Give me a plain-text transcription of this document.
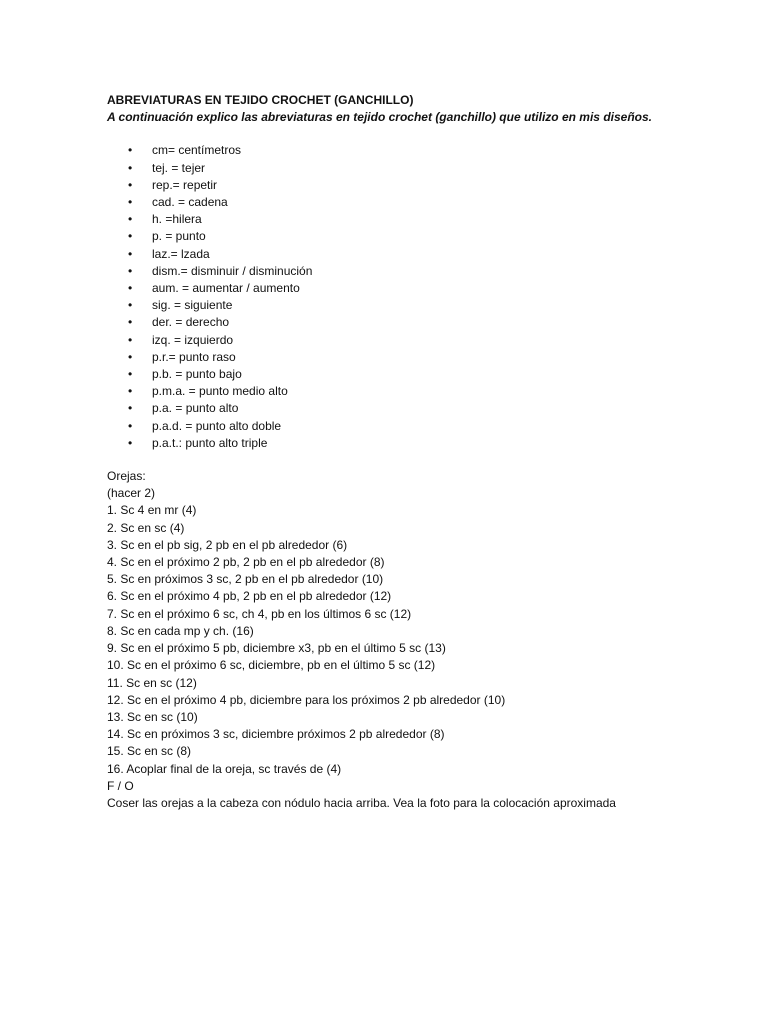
ABREVIATURAS EN TEJIDO CROCHET (GANCHILLO)
A continuación explico las abreviaturas en tejido crochet (ganchillo) que utilizo en mis diseños.
• cm= centímetros
• tej. = tejer
• rep.= repetir
• cad. = cadena
• h. =hilera
• p. = punto
• laz.= lzada
• dism.= disminuir / disminución
• aum. = aumentar / aumento
• sig. = siguiente
• der. = derecho
• izq. = izquierdo
• p.r.= punto raso
• p.b. = punto bajo
• p.m.a. = punto medio alto
• p.a. = punto alto
• p.a.d. = punto alto doble
• p.a.t.: punto alto triple
Orejas:
(hacer 2)
1. Sc 4 en mr (4)
2. Sc en sc (4)
3. Sc en el pb sig, 2 pb en el pb alrededor (6)
4. Sc en el próximo 2 pb, 2 pb en el pb alrededor (8)
5. Sc en próximos 3 sc, 2 pb en el pb alrededor (10)
6. Sc en el próximo 4 pb, 2 pb en el pb alrededor (12)
7. Sc en el próximo 6 sc, ch 4, pb en los últimos 6 sc (12)
8. Sc en cada mp y ch. (16)
9. Sc en el próximo 5 pb, diciembre x3, pb en el último 5 sc (13)
10. Sc en el próximo 6 sc, diciembre, pb en el último 5 sc (12)
11. Sc en sc (12)
12. Sc en el próximo 4 pb, diciembre para los próximos 2 pb alrededor (10)
13. Sc en sc (10)
14. Sc en próximos 3 sc, diciembre próximos 2 pb alrededor (8)
15. Sc en sc (8)
16. Acoplar final de la oreja, sc través de (4)
F / O
Coser las orejas a la cabeza con nódulo hacia arriba. Vea la foto para la colocación aproximada
